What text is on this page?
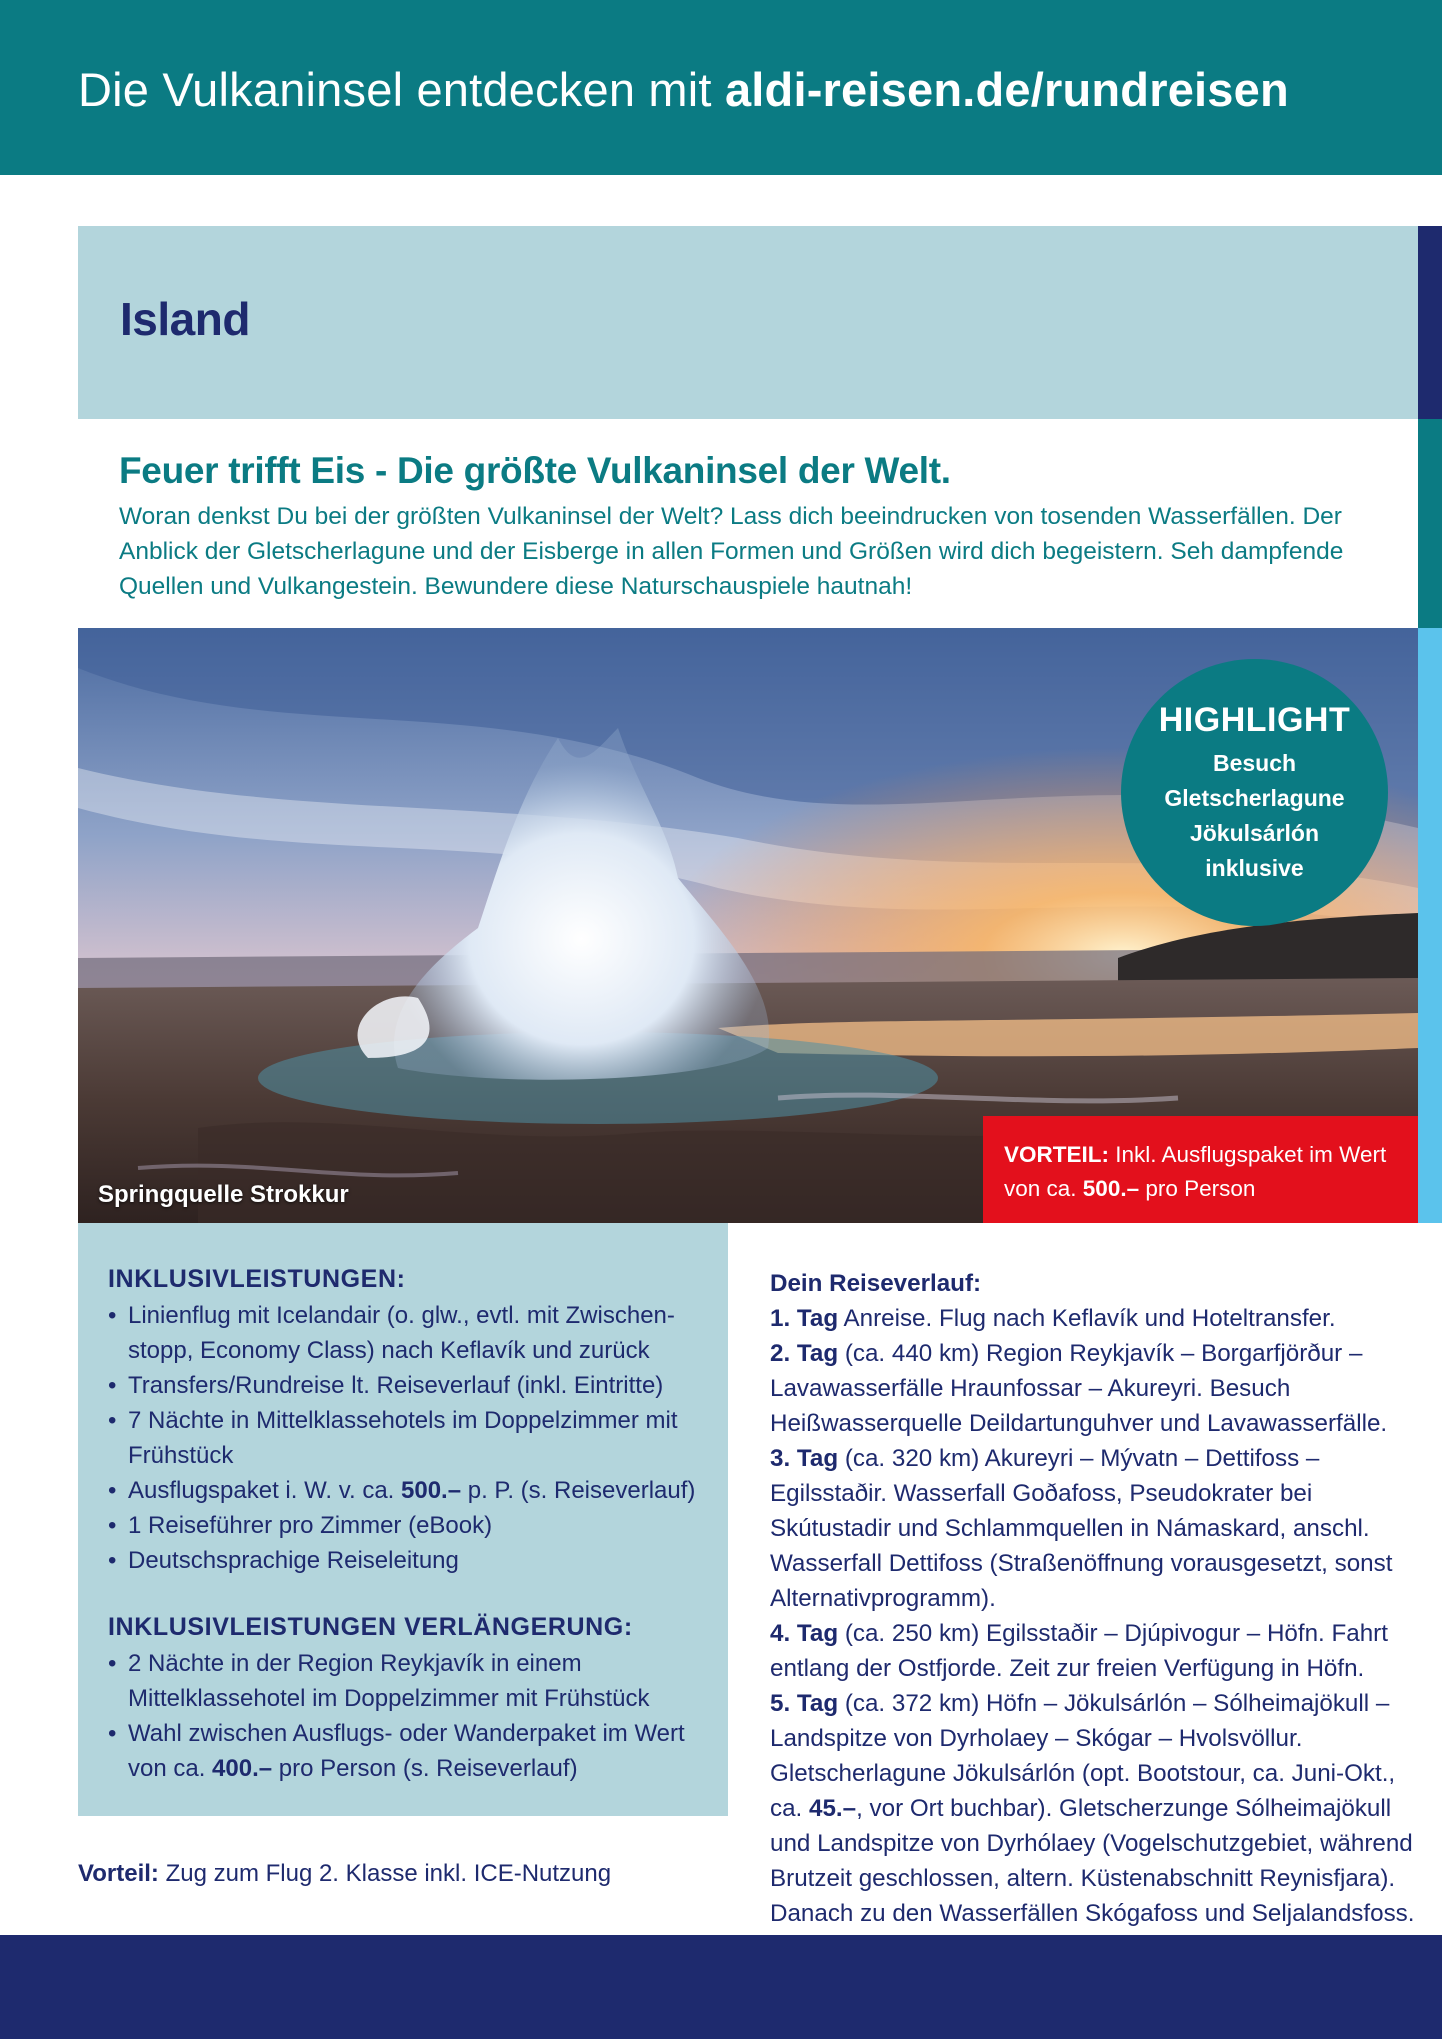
Die Vulkaninsel entdecken mit aldi-reisen.de/rundreisen
Island
Feuer trifft Eis - Die größte Vulkaninsel der Welt.

Woran denkst Du bei der größten Vulkaninsel der Welt? Lass dich beeindrucken von tosenden Wasserfällen. Der Anblick der Gletscherlagune und der Eisberge in allen Formen und Größen wird dich begeistern. Seh dampfende Quellen und Vulkangestein. Bewundere diese Naturschauspiele hautnah!

Springquelle Strokkur
HIGHLIGHT
Besuch
Gletscherlagune
Jökulsárlón
inklusive
VORTEIL: Inkl. Ausflugspaket im Wert von ca. 500.– pro Person
INKLUSIVLEISTUNGEN:
• Linienflug mit Icelandair (o. glw., evtl. mit Zwischen-stopp, Economy Class) nach Keflavík und zurück
• Transfers/Rundreise lt. Reiseverlauf (inkl. Eintritte)
• 7 Nächte in Mittelklassehotels im Doppelzimmer mit Frühstück
• Ausflugspaket i. W. v. ca. 500.– p. P. (s. Reiseverlauf)
• 1 Reiseführer pro Zimmer (eBook)
• Deutschsprachige Reiseleitung
INKLUSIVLEISTUNGEN VERLÄNGERUNG:
• 2 Nächte in der Region Reykjavík in einem Mittelklassehotel im Doppelzimmer mit Frühstück
• Wahl zwischen Ausflugs- oder Wanderpaket im Wert von ca. 400.– pro Person (s. Reiseverlauf)
Vorteil: Zug zum Flug 2. Klasse inkl. ICE-Nutzung
Dein Reiseverlauf:
1. Tag Anreise. Flug nach Keflavík und Hoteltransfer.
2. Tag (ca. 440 km) Region Reykjavík – Borgarfjörður – Lavawasserfälle Hraunfossar – Akureyri. Besuch Heißwasserquelle Deildartunguhver und Lavawasserfälle.
3. Tag (ca. 320 km) Akureyri – Mývatn – Dettifoss – Egilsstaðir. Wasserfall Goðafoss, Pseudokrater bei Skútustadir und Schlammquellen in Námaskard, anschl. Wasserfall Dettifoss (Straßenöffnung vorausgesetzt, sonst Alternativprogramm).
4. Tag (ca. 250 km) Egilsstaðir – Djúpivogur – Höfn. Fahrt entlang der Ostfjorde. Zeit zur freien Verfügung in Höfn.
5. Tag (ca. 372 km) Höfn – Jökulsárlón – Sólheimajökull – Landspitze von Dyrholaey – Skógar – Hvolsvöllur. Gletscherlagune Jökulsárlón (opt. Bootstour, ca. Juni-Okt., ca. 45.–, vor Ort buchbar). Gletscherzunge Sólheimajökull und Landspitze von Dyrhólaey (Vogelschutzgebiet, während Brutzeit geschlossen, altern. Küstenabschnitt Reynisfjara). Danach zu den Wasserfällen Skógafoss und Seljalandsfoss.
